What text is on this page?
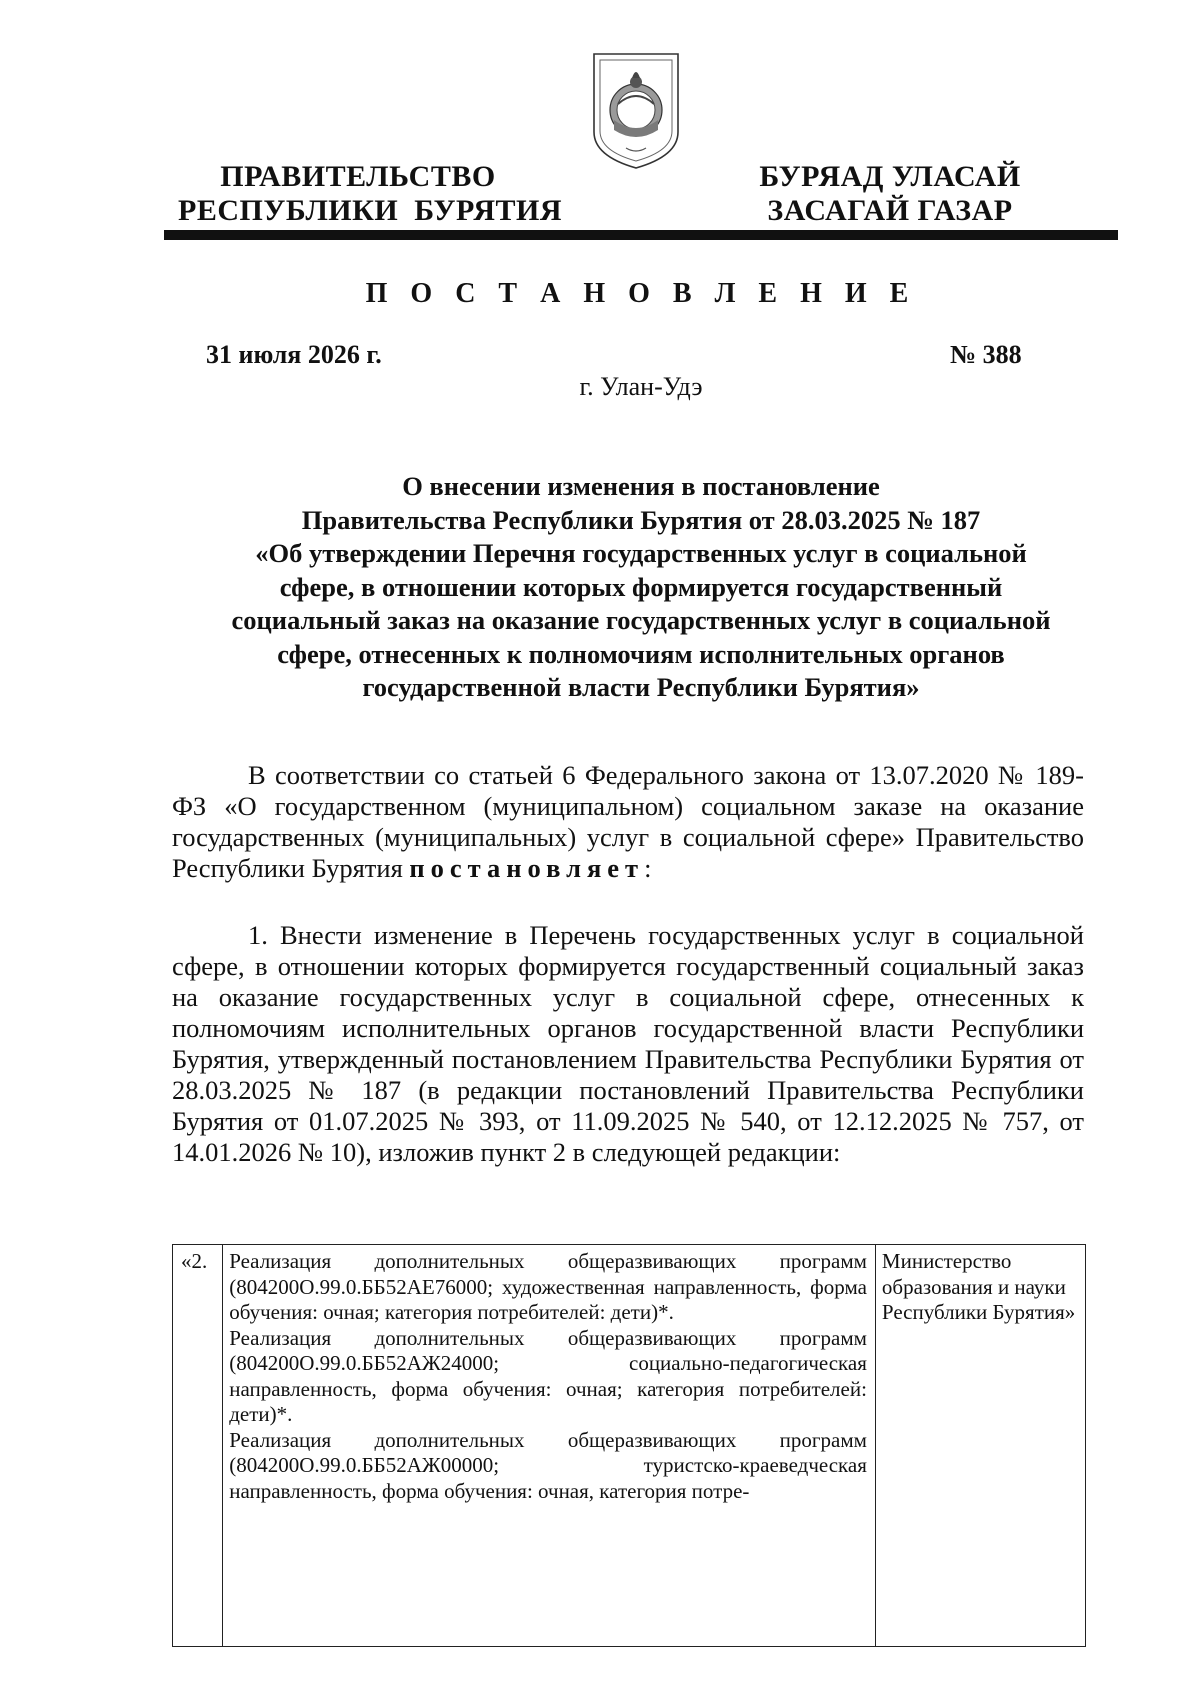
ПРАВИТЕЛЬСТВО
РЕСПУБЛИКИ  БУРЯТИЯ
БУРЯАД УЛАСАЙ
ЗАСАГАЙ ГАЗАР
П О С Т А Н О В Л Е Н И Е
31 июля 2026 г.	№ 388
г. Улан-Удэ
О внесении изменения в постановление
Правительства Республики Бурятия от 28.03.2025 № 187
«Об утверждении Перечня государственных услуг в социальной
сфере, в отношении которых формируется государственный
социальный заказ на оказание государственных услуг в социальной
сфере, отнесенных к полномочиям исполнительных органов
государственной власти Республики Бурятия»
В соответствии со статьей 6 Федерального закона от 13.07.2020 № 189-ФЗ «О государственном (муниципальном) социальном заказе на оказание государственных (муниципальных) услуг в социальной сфере» Правительство Республики Бурятия постановляет:
1. Внести изменение в Перечень государственных услуг в социальной сфере, в отношении которых формируется государственный социальный заказ на оказание государственных услуг в социальной сфере, отнесенных к полномочиям исполнительных органов государственной власти Республики Бурятия, утвержденный постановлением Правительства Республики Бурятия от 28.03.2025 № 187 (в редакции постановлений Правительства Республики Бурятия от 01.07.2025 № 393, от 11.09.2025 № 540, от 12.12.2025 № 757, от 14.01.2026 № 10), изложив пункт 2 в следующей редакции:
«2.	Реализация дополнительных общеразвивающих программ (804200О.99.0.ББ52АЕ76000; художественная направленность, форма обучения: очная; категория потребителей: дети)*.
Реализация дополнительных общеразвивающих программ (804200О.99.0.ББ52АЖ24000; социально-педагогическая направленность, форма обучения: очная; категория потребителей: дети)*.
Реализация дополнительных общеразвивающих программ (804200О.99.0.ББ52АЖ00000; туристско-краеведческая направленность, форма обучения: очная, категория потре-
	Министерство образования и науки Республики Бурятия»
